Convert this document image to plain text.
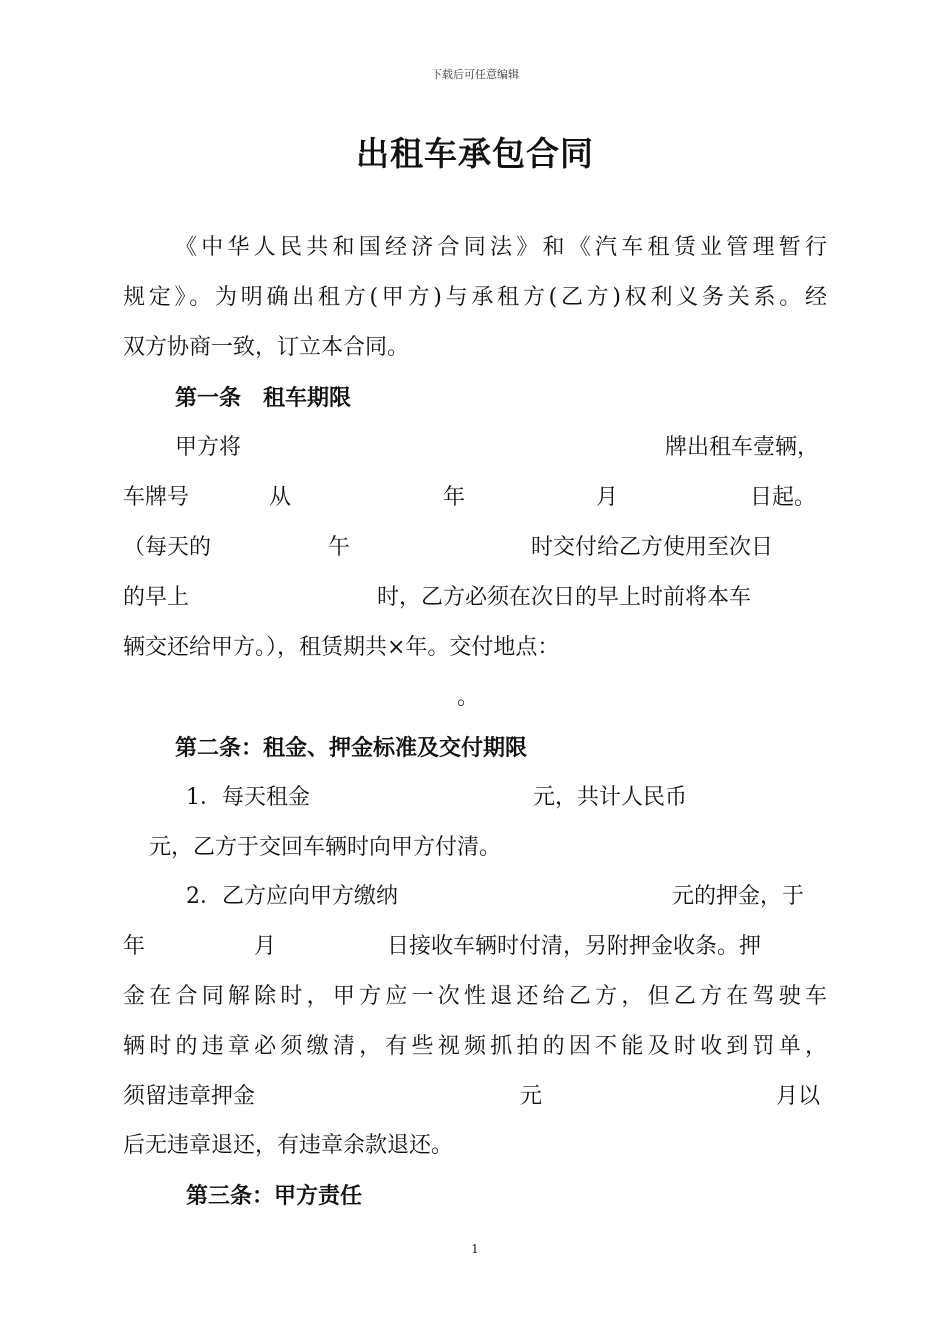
下载后可任意编辑
出租车承包合同
《中华人民共和国经济合同法》和《汽车租赁业管理暂行
规定》。为明确出租方(甲方)与承租方(乙方)权利义务关系。经
双方协商一致，订立本合同。
第一条　租车期限
甲方将	牌出租车壹辆，
车牌号	从	年	月	日起。
（每天的	午	时交付给乙方使用至次日
的早上	时，乙方必须在次日的早上时前将本车
辆交还给甲方。），租赁期共×年。交付地点：
。
第二条：租金、押金标准及交付期限
1．每天租金	元，共计人民币
元，乙方于交回车辆时向甲方付清。
2．乙方应向甲方缴纳	元的押金，于
年	月	日接收车辆时付清，另附押金收条。押
金在合同解除时，甲方应一次性退还给乙方，但乙方在驾驶车
辆时的违章必须缴清，有些视频抓拍的因不能及时收到罚单，
须留违章押金	元	月以
后无违章退还，有违章余款退还。
第三条：甲方责任
1
